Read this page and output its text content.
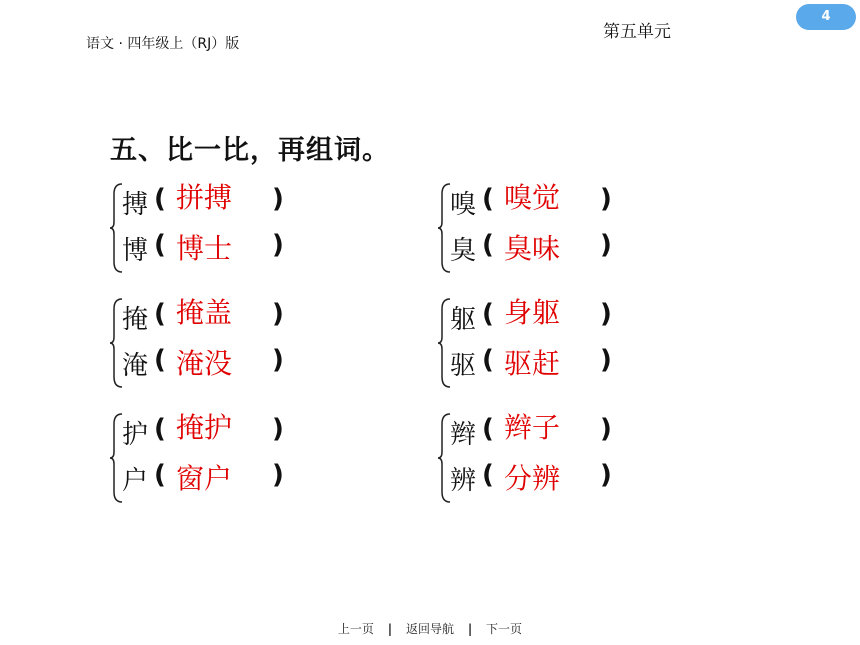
语文 · 四年级上（RJ）版
第五单元
4
五、比一比，再组词。
搏 ( 拼搏 )
博 ( 博士 )
嗅 ( 嗅觉 )
臭 ( 臭味 )
掩 ( 掩盖 )
淹 ( 淹没 )
躯 ( 身躯 )
驱 ( 驱赶 )
护 ( 掩护 )
户 ( 窗户 )
辫 ( 辫子 )
辨 ( 分辨 )
上一页 | 返回导航 | 下一页
